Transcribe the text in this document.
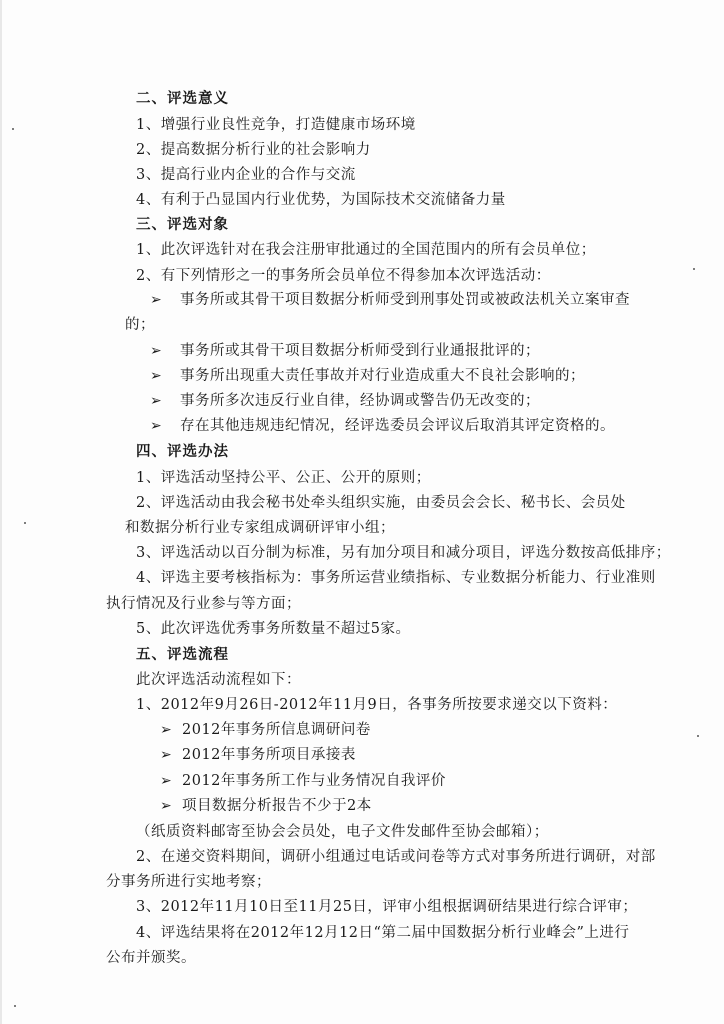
二、评选意义
1、增强行业良性竞争，打造健康市场环境
2、提高数据分析行业的社会影响力
3、提高行业内企业的合作与交流
4、有利于凸显国内行业优势，为国际技术交流储备力量
三、评选对象
1、此次评选针对在我会注册审批通过的全国范围内的所有会员单位；
2、有下列情形之一的事务所会员单位不得参加本次评选活动：
➢ 事务所或其骨干项目数据分析师受到刑事处罚或被政法机关立案审查
的；
➢ 事务所或其骨干项目数据分析师受到行业通报批评的；
➢ 事务所出现重大责任事故并对行业造成重大不良社会影响的；
➢ 事务所多次违反行业自律，经协调或警告仍无改变的；
➢ 存在其他违规违纪情况，经评选委员会评议后取消其评定资格的。
四、评选办法
1、评选活动坚持公平、公正、公开的原则；
2、评选活动由我会秘书处牵头组织实施，由委员会会长、秘书长、会员处
和数据分析行业专家组成调研评审小组；
3、评选活动以百分制为标准，另有加分项目和减分项目，评选分数按高低排序；
4、评选主要考核指标为：事务所运营业绩指标、专业数据分析能力、行业准则
执行情况及行业参与等方面；
5、此次评选优秀事务所数量不超过5家。
五、评选流程
此次评选活动流程如下：
1、2012年9月26日-2012年11月9日，各事务所按要求递交以下资料：
➢ 2012年事务所信息调研问卷
➢ 2012年事务所项目承接表
➢ 2012年事务所工作与业务情况自我评价
➢ 项目数据分析报告不少于2本
（纸质资料邮寄至协会会员处，电子文件发邮件至协会邮箱）；
2、在递交资料期间，调研小组通过电话或问卷等方式对事务所进行调研，对部
分事务所进行实地考察；
3、2012年11月10日至11月25日，评审小组根据调研结果进行综合评审；
4、评选结果将在2012年12月12日“第二届中国数据分析行业峰会”上进行
公布并颁奖。
